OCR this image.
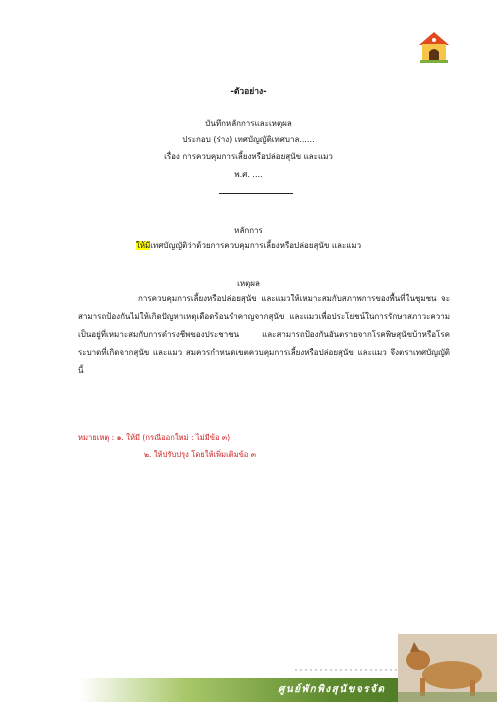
-ตัวอย่าง-
บันทึกหลักการและเหตุผล
ประกอบ (ร่าง) เทศบัญญัติเทศบาล......
เรื่อง การควบคุมการเลี้ยงหรือปล่อยสุนัข และแมว
พ.ศ. ....
หลักการ
ให้มีเทศบัญญัติว่าด้วยการควบคุมการเลี้ยงหรือปล่อยสุนัข และแมว
เหตุผล
การควบคุมการเลี้ยงหรือปล่อยสุนัข และแมวให้เหมาะสมกับสภาพการของพื้นที่ในชุมชน จะสามารถป้องกันไม่ให้เกิดปัญหาเหตุเดือดร้อนรำคาญจากสุนัข และแมวเพื่อประโยชน์ในการรักษาสภาวะความเป็นอยู่ที่เหมาะสมกับการดำรงชีพของประชาชน และสามารถป้องกันอันตรายจากโรคพิษสุนัขบ้าหรือโรคระบาดที่เกิดจากสุนัข และแมว สมควรกำหนดเขตควบคุมการเลี้ยงหรือปล่อยสุนัข และแมว จึงตราเทศบัญญัตินี้
หมายเหตุ : ๑. ให้มี (กรณีออกใหม่ : ไม่มีข้อ ๓)
๒. ให้ปรับปรุง โดยให้เพิ่มเติมข้อ ๓
ศูนย์พักพิงสุนัขจรจัด
